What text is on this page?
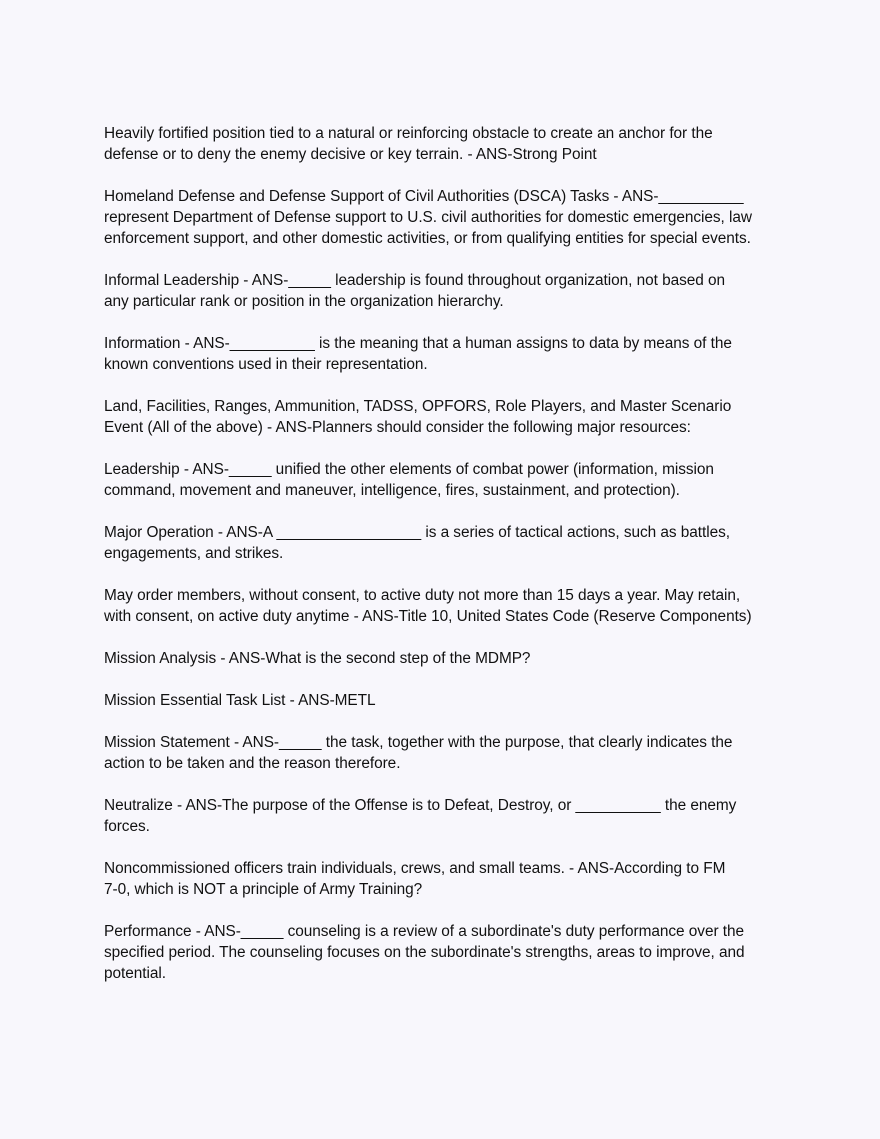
Heavily fortified position tied to a natural or reinforcing obstacle to create an anchor for the
defense or to deny the enemy decisive or key terrain. - ANS-Strong Point

Homeland Defense and Defense Support of Civil Authorities (DSCA) Tasks - ANS-__________
represent Department of Defense support to U.S. civil authorities for domestic emergencies, law
enforcement support, and other domestic activities, or from qualifying entities for special events.

Informal Leadership - ANS-_____ leadership is found throughout organization, not based on
any particular rank or position in the organization hierarchy.

Information - ANS-__________ is the meaning that a human assigns to data by means of the
known conventions used in their representation.

Land, Facilities, Ranges, Ammunition, TADSS, OPFORS, Role Players, and Master Scenario
Event (All of the above) - ANS-Planners should consider the following major resources:

Leadership - ANS-_____ unified the other elements of combat power (information, mission
command, movement and maneuver, intelligence, fires, sustainment, and protection).

Major Operation - ANS-A _________________ is a series of tactical actions, such as battles,
engagements, and strikes.

May order members, without consent, to active duty not more than 15 days a year. May retain,
with consent, on active duty anytime - ANS-Title 10, United States Code (Reserve Components)

Mission Analysis - ANS-What is the second step of the MDMP?

Mission Essential Task List - ANS-METL

Mission Statement - ANS-_____ the task, together with the purpose, that clearly indicates the
action to be taken and the reason therefore.

Neutralize - ANS-The purpose of the Offense is to Defeat, Destroy, or __________ the enemy
forces.

Noncommissioned officers train individuals, crews, and small teams. - ANS-According to FM
7-0, which is NOT a principle of Army Training?

Performance - ANS-_____ counseling is a review of a subordinate's duty performance over the
specified period. The counseling focuses on the subordinate's strengths, areas to improve, and
potential.
